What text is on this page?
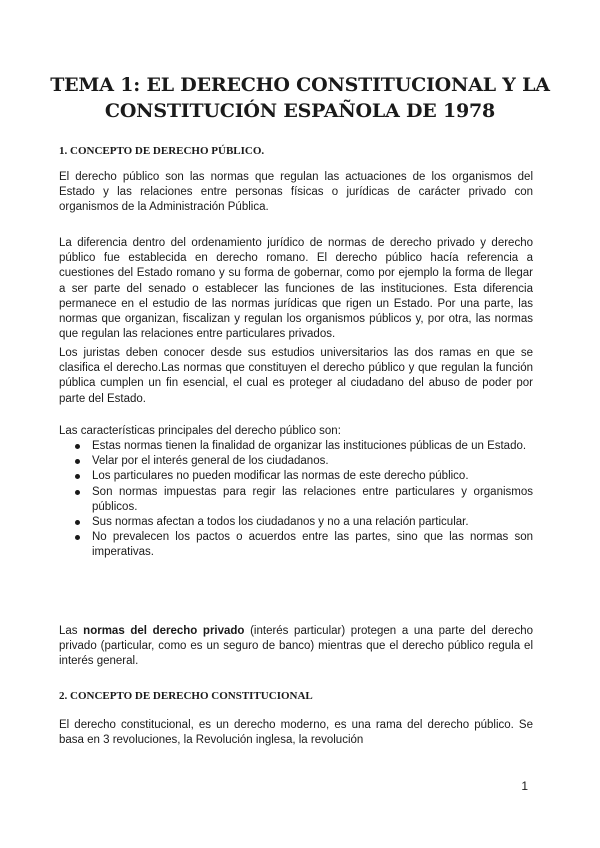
TEMA 1: EL DERECHO CONSTITUCIONAL Y LA
CONSTITUCIÓN ESPAÑOLA DE 1978
1. CONCEPTO DE DERECHO PÚBLICO.

El derecho público son las normas que regulan las actuaciones de los organismos del Estado y las relaciones entre personas físicas o jurídicas de carácter privado con organismos de la Administración Pública.

La diferencia dentro del ordenamiento jurídico de normas de derecho privado y derecho público fue establecida en derecho romano. El derecho público hacía referencia a cuestiones del Estado romano y su forma de gobernar, como por ejemplo la forma de llegar a ser parte del senado o establecer las funciones de las instituciones. Esta diferencia permanece en el estudio de las normas jurídicas que rigen un Estado. Por una parte, las normas que organizan, fiscalizan y regulan los organismos públicos y, por otra, las normas que regulan las relaciones entre particulares privados.

Los juristas deben conocer desde sus estudios universitarios las dos ramas en que se clasifica el derecho.Las normas que constituyen el derecho público y que regulan la función pública cumplen un fin esencial, el cual es proteger al ciudadano del abuso de poder por parte del Estado.

Las características principales del derecho público son:

Estas normas tienen la finalidad de organizar las instituciones públicas de un Estado.
Velar por el interés general de los ciudadanos.
Los particulares no pueden modificar las normas de este derecho público.
Son normas impuestas para regir las relaciones entre particulares y organismos públicos.
Sus normas afectan a todos los ciudadanos y no a una relación particular.
No prevalecen los pactos o acuerdos entre las partes, sino que las normas son imperativas.

Las normas del derecho privado (interés particular) protegen a una parte del derecho privado (particular, como es un seguro de banco) mientras que el derecho público regula el interés general.

2. CONCEPTO DE DERECHO CONSTITUCIONAL

El derecho constitucional, es un derecho moderno, es una rama del derecho público. Se basa en 3 revoluciones, la Revolución inglesa, la revolución

1
